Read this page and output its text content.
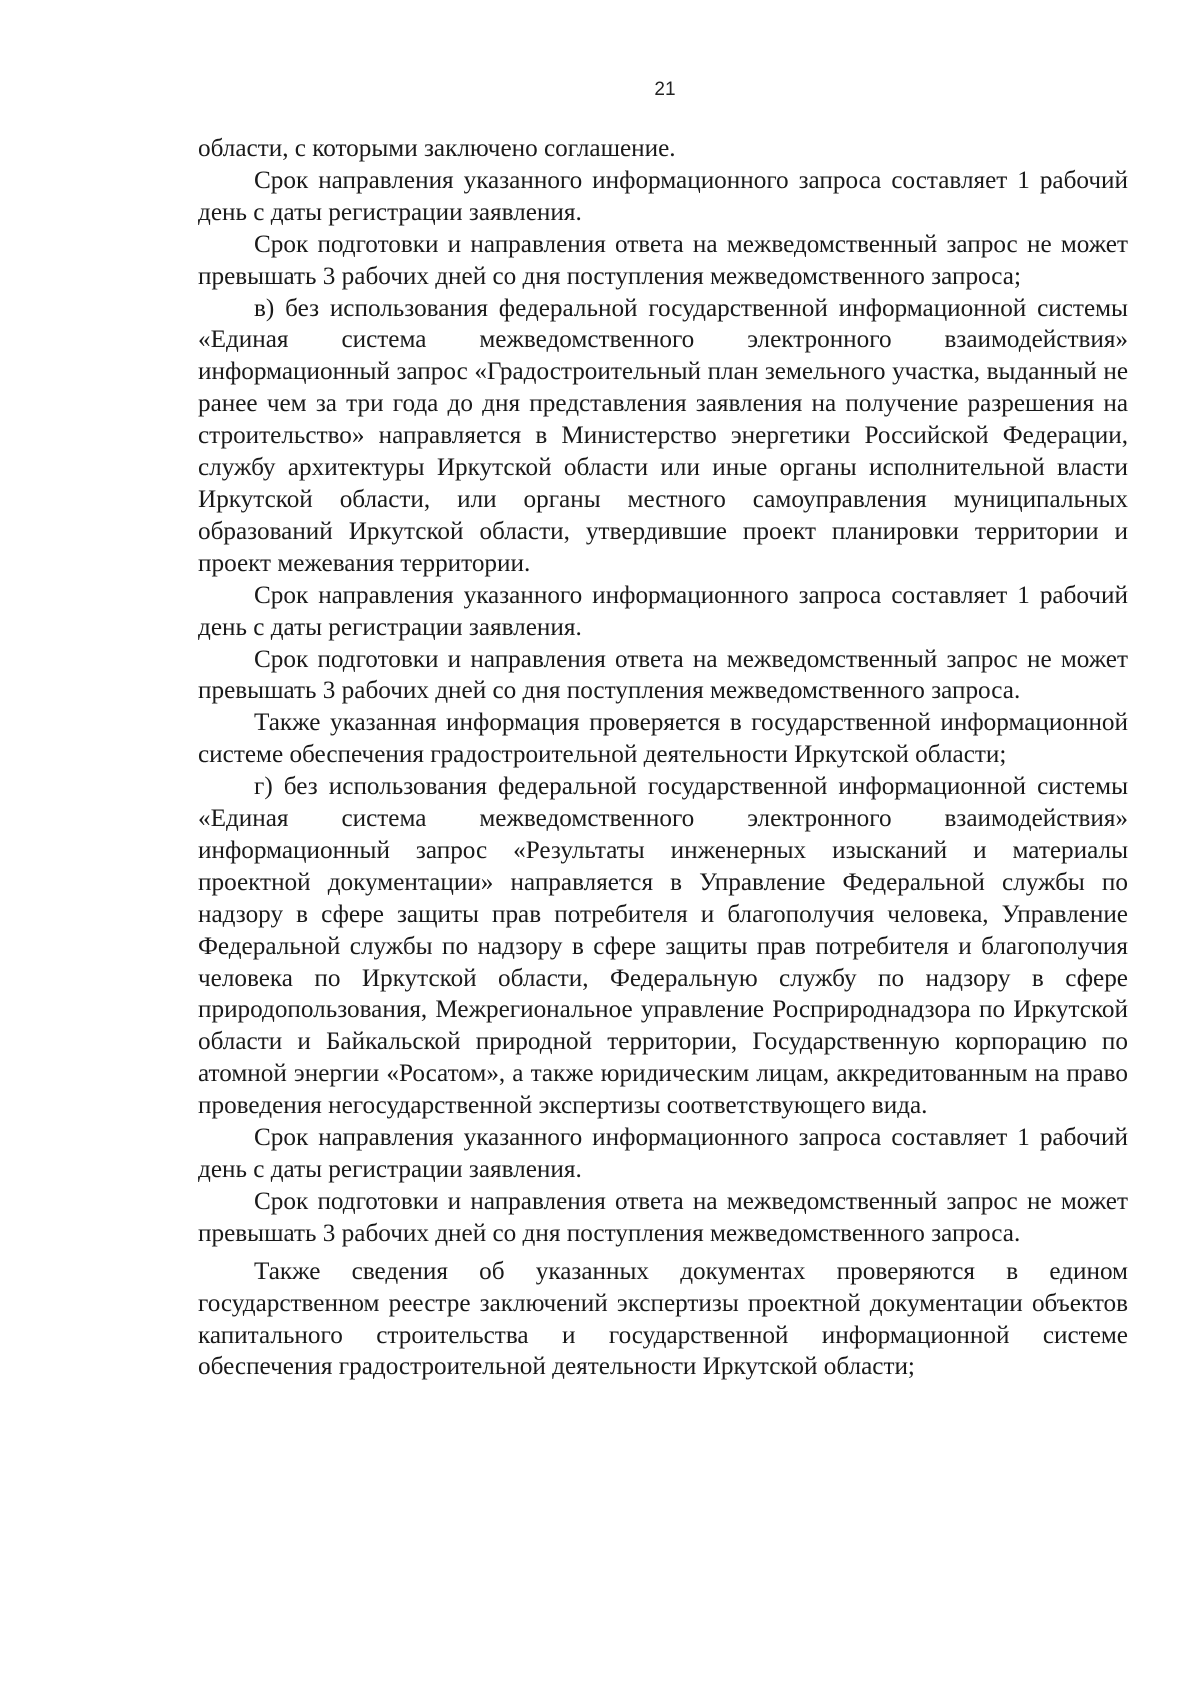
21

области, с которыми заключено соглашение.

Срок направления указанного информационного запроса составляет 1 рабочий день с даты регистрации заявления.

Срок подготовки и направления ответа на межведомственный запрос не может превышать 3 рабочих дней со дня поступления межведомственного запроса;

в) без использования федеральной государственной информационной системы «Единая система межведомственного электронного взаимодействия» информационный запрос «Градостроительный план земельного участка, выданный не ранее чем за три года до дня представления заявления на получение разрешения на строительство» направляется в Министерство энергетики Российской Федерации, службу архитектуры Иркутской области или иные органы исполнительной власти Иркутской области, или органы местного самоуправления муниципальных образований Иркутской области, утвердившие проект планировки территории и проект межевания территории.

Срок направления указанного информационного запроса составляет 1 рабочий день с даты регистрации заявления.

Срок подготовки и направления ответа на межведомственный запрос не может превышать 3 рабочих дней со дня поступления межведомственного запроса.

Также указанная информация проверяется в государственной информационной системе обеспечения градостроительной деятельности Иркутской области;

г) без использования федеральной государственной информационной системы «Единая система межведомственного электронного взаимодействия» информационный запрос «Результаты инженерных изысканий и материалы проектной документации» направляется в Управление Федеральной службы по надзору в сфере защиты прав потребителя и благополучия человека, Управление Федеральной службы по надзору в сфере защиты прав потребителя и благополучия человека по Иркутской области, Федеральную службу по надзору в сфере природопользования, Межрегиональное управление Росприроднадзора по Иркутской области и Байкальской природной территории, Государственную корпорацию по атомной энергии «Росатом», а также юридическим лицам, аккредитованным на право проведения негосударственной экспертизы соответствующего вида.

Срок направления указанного информационного запроса составляет 1 рабочий день с даты регистрации заявления.

Срок подготовки и направления ответа на межведомственный запрос не может превышать 3 рабочих дней со дня поступления межведомственного запроса.

Также сведения об указанных документах проверяются в едином государственном реестре заключений экспертизы проектной документации объектов капитального строительства и государственной информационной системе обеспечения градостроительной деятельности Иркутской области;
